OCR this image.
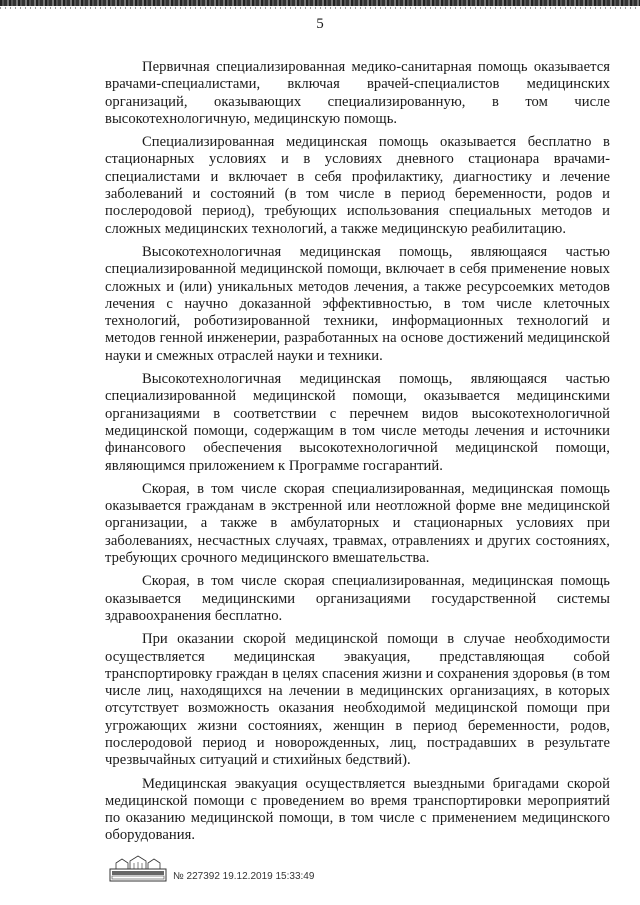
5

Первичная специализированная медико-санитарная помощь оказывается врачами-специалистами, включая врачей-специалистов медицинских организаций, оказывающих специализированную, в том числе высокотехнологичную, медицинскую помощь.

Специализированная медицинская помощь оказывается бесплатно в стационарных условиях и в условиях дневного стационара врачами-специалистами и включает в себя профилактику, диагностику и лечение заболеваний и состояний (в том числе в период беременности, родов и послеродовой период), требующих использования специальных методов и сложных медицинских технологий, а также медицинскую реабилитацию.

Высокотехнологичная медицинская помощь, являющаяся частью специализированной медицинской помощи, включает в себя применение новых сложных и (или) уникальных методов лечения, а также ресурсоемких методов лечения с научно доказанной эффективностью, в том числе клеточных технологий, роботизированной техники, информационных технологий и методов генной инженерии, разработанных на основе достижений медицинской науки и смежных отраслей науки и техники.

Высокотехнологичная медицинская помощь, являющаяся частью специализированной медицинской помощи, оказывается медицинскими организациями в соответствии с перечнем видов высокотехнологичной медицинской помощи, содержащим в том числе методы лечения и источники финансового обеспечения высокотехнологичной медицинской помощи, являющимся приложением к Программе госгарантий.

Скорая, в том числе скорая специализированная, медицинская помощь оказывается гражданам в экстренной или неотложной форме вне медицинской организации, а также в амбулаторных и стационарных условиях при заболеваниях, несчастных случаях, травмах, отравлениях и других состояниях, требующих срочного медицинского вмешательства.

Скорая, в том числе скорая специализированная, медицинская помощь оказывается медицинскими организациями государственной системы здравоохранения бесплатно.

При оказании скорой медицинской помощи в случае необходимости осуществляется медицинская эвакуация, представляющая собой транспортировку граждан в целях спасения жизни и сохранения здоровья (в том числе лиц, находящихся на лечении в медицинских организациях, в которых отсутствует возможность оказания необходимой медицинской помощи при угрожающих жизни состояниях, женщин в период беременности, родов, послеродовой период и новорожденных, лиц, пострадавших в результате чрезвычайных ситуаций и стихийных бедствий).

Медицинская эвакуация осуществляется выездными бригадами скорой медицинской помощи с проведением во время транспортировки мероприятий по оказанию медицинской помощи, в том числе с применением медицинского оборудования.

№ 227392 19.12.2019 15:33:49
